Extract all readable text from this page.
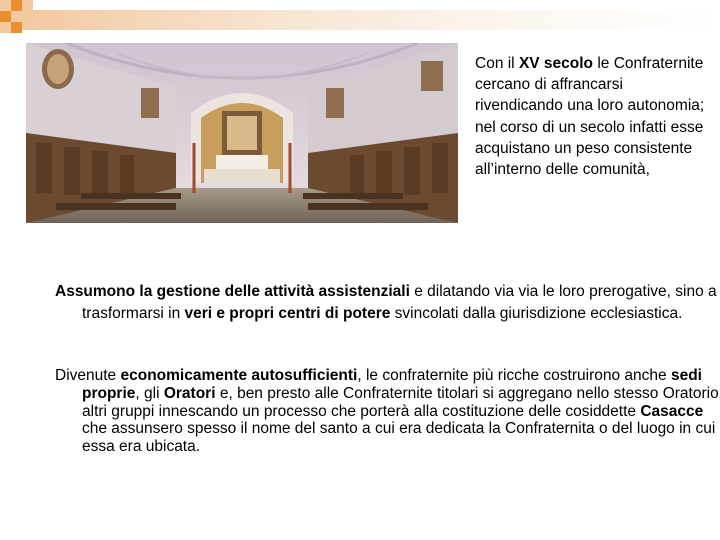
Con il XV secolo le Confraternite cercano di affrancarsi rivendicando una loro autonomia; nel corso di un secolo infatti esse acquistano un peso consistente all’interno delle comunità,
Assumono la gestione delle attività assistenziali e dilatando via via le loro prerogative, sino a trasformarsi in veri e propri centri di potere svincolati dalla giurisdizione ecclesiastica.
Divenute economicamente autosufficienti, le confraternite più ricche costruirono anche sedi proprie, gli Oratori e, ben presto alle Confraternite titolari si aggregano nello stesso Oratorio altri gruppi innescando un processo che porterà alla costituzione delle cosiddette Casacce che assunsero spesso il nome del santo a cui era dedicata la Confraternita o del luogo in cui essa era ubicata.
